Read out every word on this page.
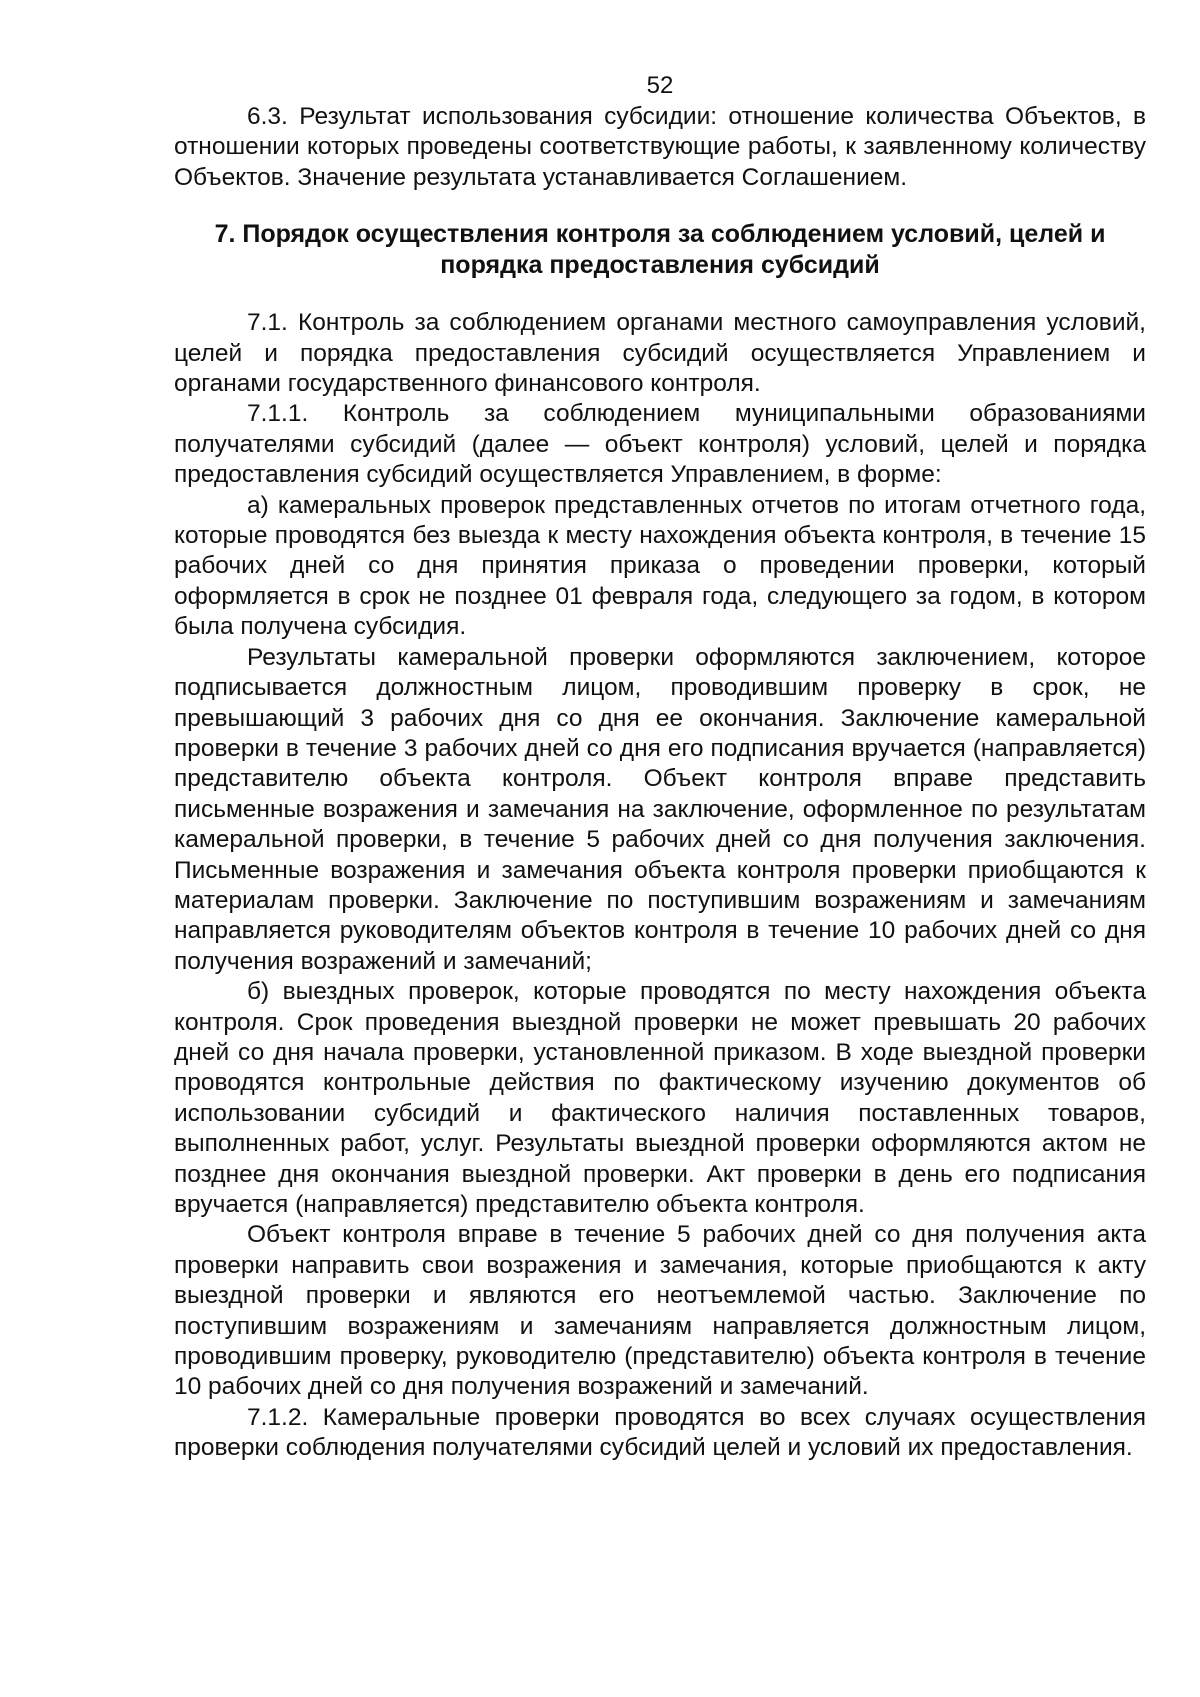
52

6.3. Результат использования субсидии: отношение количества Объектов, в отношении которых проведены соответствующие работы, к заявленному количеству Объектов. Значение результата устанавливается Соглашением.

7. Порядок осуществления контроля за соблюдением условий, целей и порядка предоставления субсидий

7.1. Контроль за соблюдением органами местного самоуправления условий, целей и порядка предоставления субсидий осуществляется Управлением и органами государственного финансового контроля.

7.1.1. Контроль за соблюдением муниципальными образованиями получателями субсидий (далее — объект контроля) условий, целей и порядка предоставления субсидий осуществляется Управлением, в форме:

а) камеральных проверок представленных отчетов по итогам отчетного года, которые проводятся без выезда к месту нахождения объекта контроля, в течение 15 рабочих дней со дня принятия приказа о проведении проверки, который оформляется в срок не позднее 01 февраля года, следующего за годом, в котором была получена субсидия.

Результаты камеральной проверки оформляются заключением, которое подписывается должностным лицом, проводившим проверку в срок, не превышающий 3 рабочих дня со дня ее окончания. Заключение камеральной проверки в течение 3 рабочих дней со дня его подписания вручается (направляется) представителю объекта контроля. Объект контроля вправе представить письменные возражения и замечания на заключение, оформленное по результатам камеральной проверки, в течение 5 рабочих дней со дня получения заключения. Письменные возражения и замечания объекта контроля проверки приобщаются к материалам проверки. Заключение по поступившим возражениям и замечаниям направляется руководителям объектов контроля в течение 10 рабочих дней со дня получения возражений и замечаний;

б) выездных проверок, которые проводятся по месту нахождения объекта контроля. Срок проведения выездной проверки не может превышать 20 рабочих дней со дня начала проверки, установленной приказом. В ходе выездной проверки проводятся контрольные действия по фактическому изучению документов об использовании субсидий и фактического наличия поставленных товаров, выполненных работ, услуг. Результаты выездной проверки оформляются актом не позднее дня окончания выездной проверки. Акт проверки в день его подписания вручается (направляется) представителю объекта контроля.

Объект контроля вправе в течение 5 рабочих дней со дня получения акта проверки направить свои возражения и замечания, которые приобщаются к акту выездной проверки и являются его неотъемлемой частью. Заключение по поступившим возражениям и замечаниям направляется должностным лицом, проводившим проверку, руководителю (представителю) объекта контроля в течение 10 рабочих дней со дня получения возражений и замечаний.

7.1.2. Камеральные проверки проводятся во всех случаях осуществления проверки соблюдения получателями субсидий целей и условий их предоставления.
